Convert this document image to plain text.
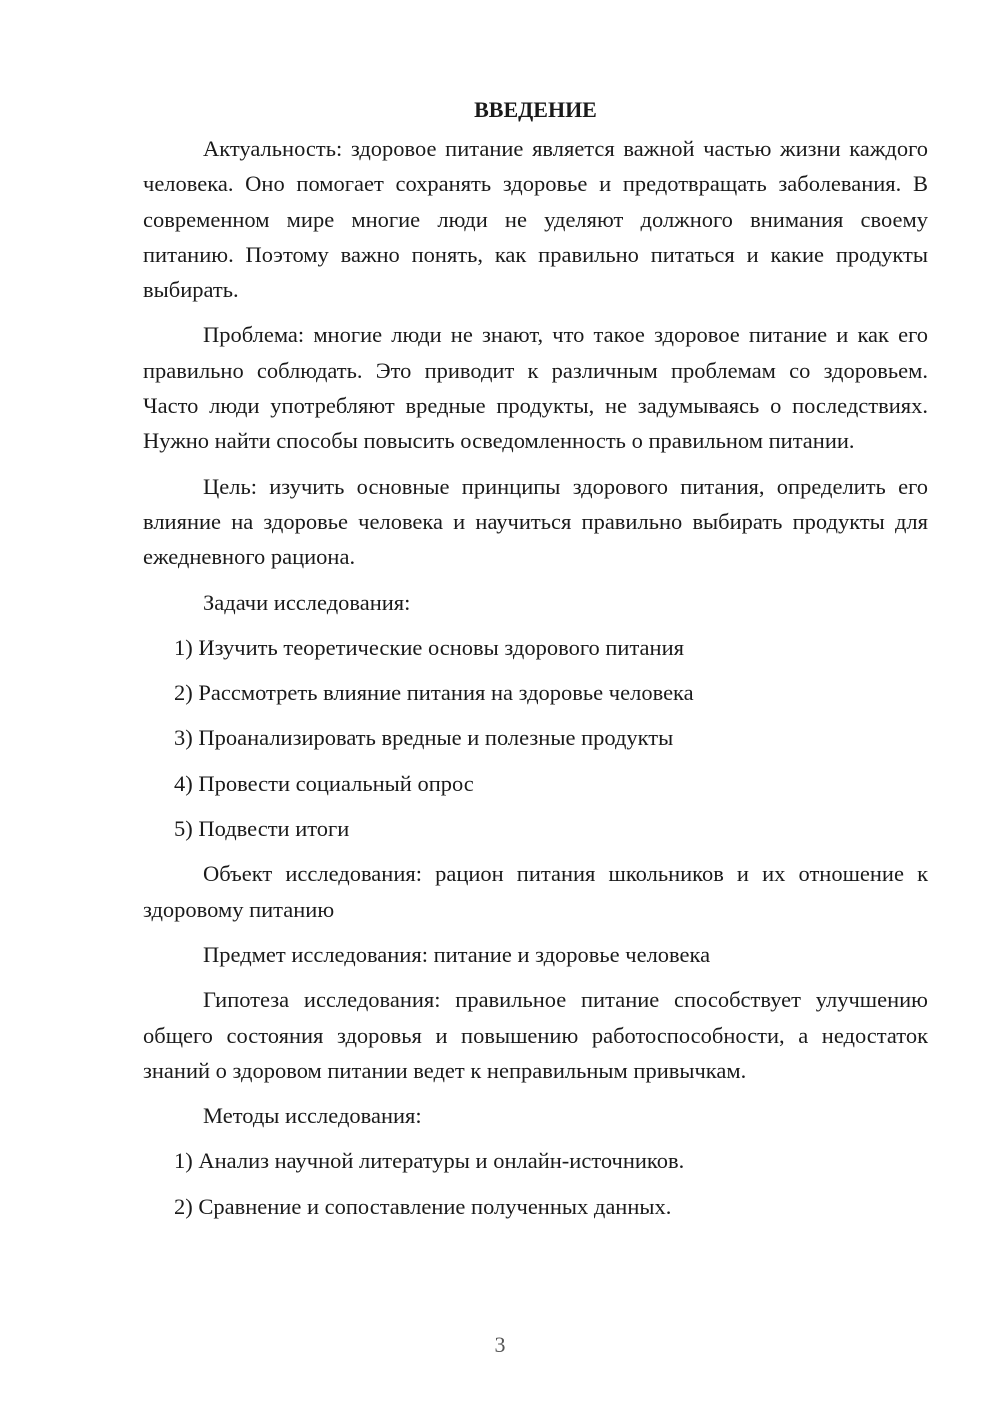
ВВЕДЕНИЕ

Актуальность: здоровое питание является важной частью жизни каждого человека. Оно помогает сохранять здоровье и предотвращать заболевания. В современном мире многие люди не уделяют должного внимания своему питанию. Поэтому важно понять, как правильно питаться и какие продукты выбирать.

Проблема: многие люди не знают, что такое здоровое питание и как его правильно соблюдать. Это приводит к различным проблемам со здоровьем. Часто люди употребляют вредные продукты, не задумываясь о последствиях. Нужно найти способы повысить осведомленность о правильном питании.

Цель: изучить основные принципы здорового питания, определить его влияние на здоровье человека и научиться правильно выбирать продукты для ежедневного рациона.

Задачи исследования:

1) Изучить теоретические основы здорового питания
2) Рассмотреть влияние питания на здоровье человека
3) Проанализировать вредные и полезные продукты
4) Провести социальный опрос
5) Подвести итоги

Объект исследования: рацион питания школьников и их отношение к здоровому питанию

Предмет исследования: питание и здоровье человека

Гипотеза исследования: правильное питание способствует улучшению общего состояния здоровья и повышению работоспособности, а недостаток знаний о здоровом питании ведет к неправильным привычкам.

Методы исследования:

1) Анализ научной литературы и онлайн-источников.
2) Сравнение и сопоставление полученных данных.
3
